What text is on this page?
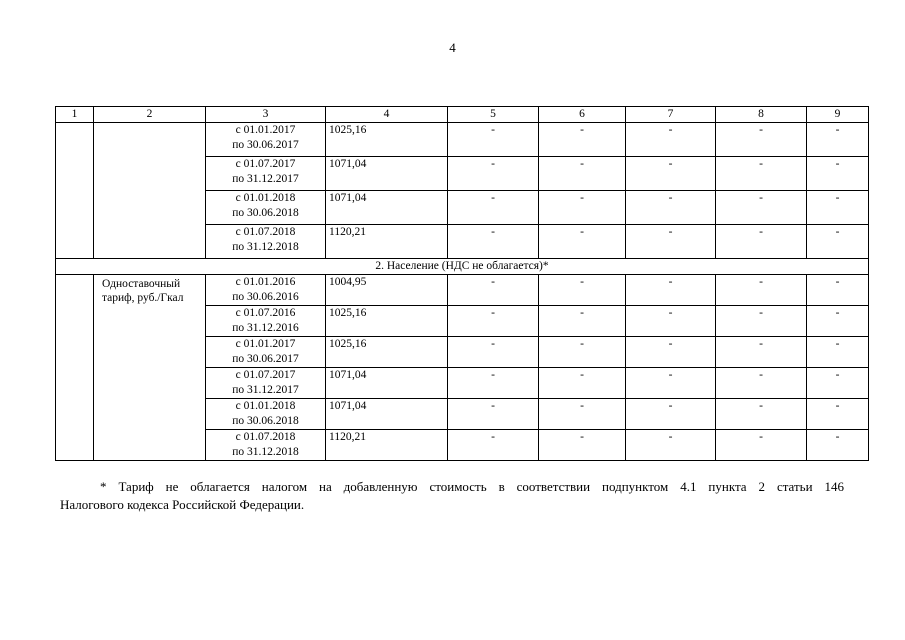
4
1	2	3	4	5	6	7	8	9
		с 01.01.2017
по 30.06.2017	1025,16	-	-	-	-	-
		с 01.07.2017
по 31.12.2017	1071,04	-	-	-	-	-
		с 01.01.2018
по 30.06.2018	1071,04	-	-	-	-	-
		с 01.07.2018
по 31.12.2018	1120,21	-	-	-	-	-
2. Население (НДС не облагается)*								
	Одноставочный
тариф, руб./Гкал	с 01.01.2016
по 30.06.2016	1004,95	-	-	-	-	-
		с 01.07.2016
по 31.12.2016	1025,16	-	-	-	-	-
		с 01.01.2017
по 30.06.2017	1025,16	-	-	-	-	-
		с 01.07.2017
по 31.12.2017	1071,04	-	-	-	-	-
		с 01.01.2018
по 30.06.2018	1071,04	-	-	-	-	-
		с 01.07.2018
по 31.12.2018	1120,21	-	-	-	-	-
* Тариф не облагается налогом на добавленную стоимость в соответствии подпунктом 4.1 пункта 2 статьи 146
Налогового кодекса Российской Федерации.
